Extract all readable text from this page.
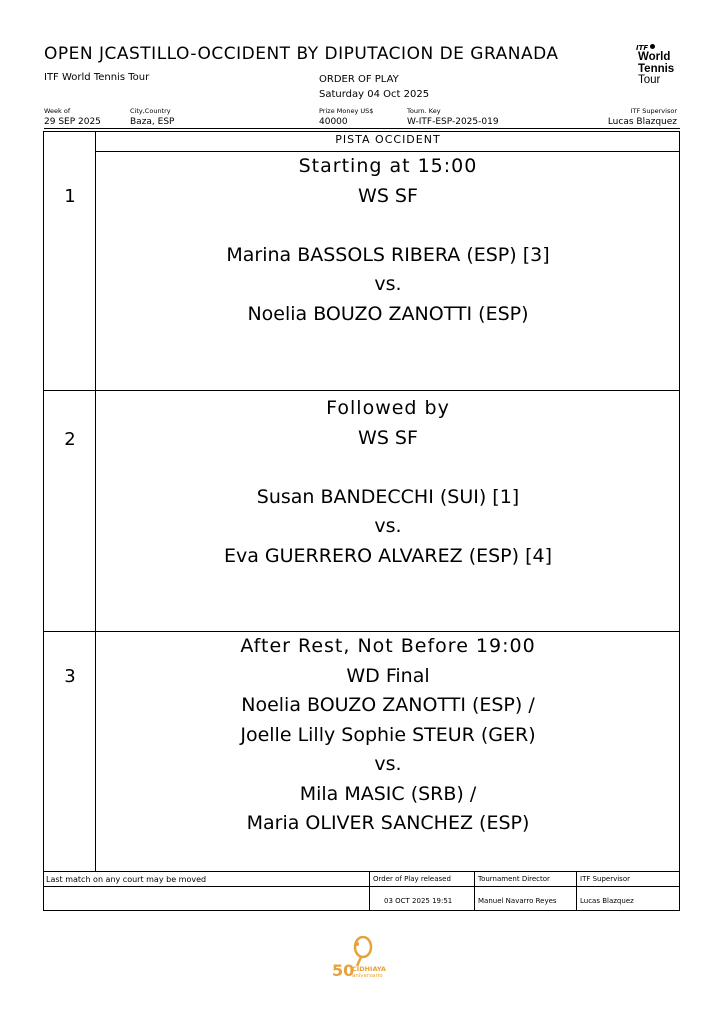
OPEN JCASTILLO-OCCIDENT BY DIPUTACION DE GRANADA
ITF World Tennis Tour	ORDER OF PLAY
Saturday 04 Oct 2025
ITF
World
Tennis
Tour
Week of
29 SEP 2025
City,Country
Baza, ESP
Prize Money US$
40000
Tourn. Key
W-ITF-ESP-2025-019
ITF Supervisor
Lucas Blazquez
PISTA OCCIDENT
1
Starting at 15:00
WS SF

Marina BASSOLS RIBERA (ESP) [3]
vs.
Noelia BOUZO ZANOTTI (ESP)
2
Followed by
WS SF

Susan BANDECCHI (SUI) [1]
vs.
Eva GUERRERO ALVAREZ (ESP) [4]
3
After Rest, Not Before 19:00
WD Final
Noelia BOUZO ZANOTTI (ESP) /
Joelle Lilly Sophie STEUR (GER)
vs.
Mila MASIC (SRB) /
Maria OLIVER SANCHEZ (ESP)
Last match on any court may be moved	Order of Play released
03 OCT 2025 19:51
Tournament Director
Manuel Navarro Reyes
ITF Supervisor
Lucas Blazquez
50
CIDHIAYA
aniversario
